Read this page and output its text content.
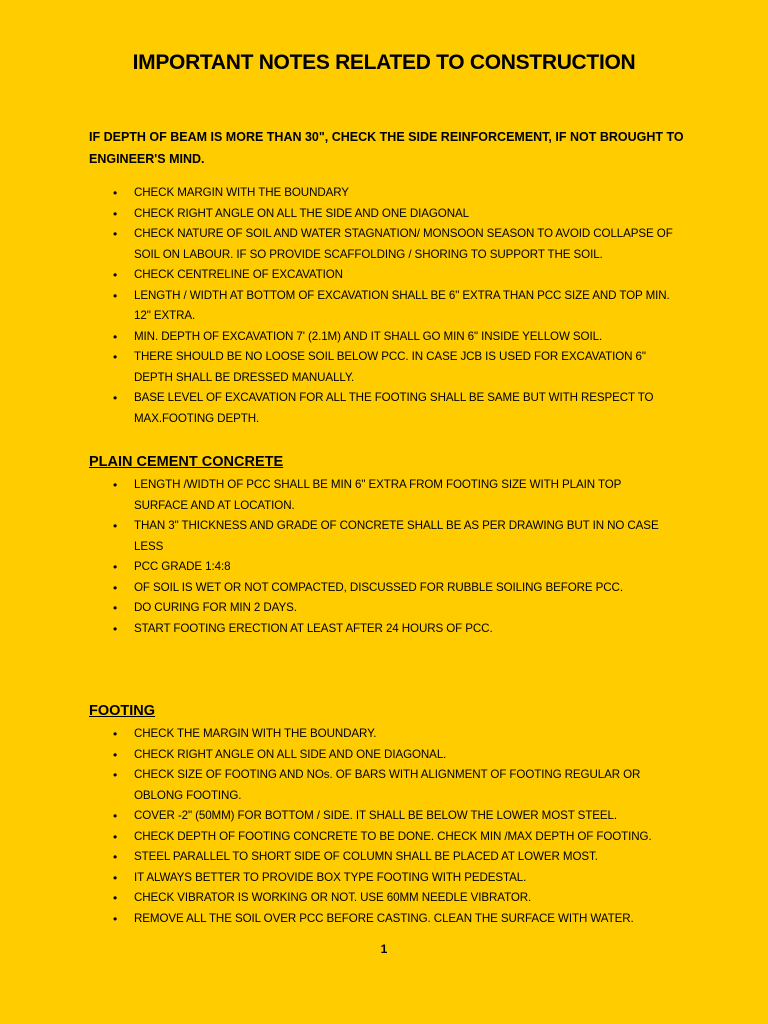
IMPORTANT NOTES RELATED TO CONSTRUCTION

IF DEPTH OF BEAM IS MORE THAN 30", CHECK THE SIDE REINFORCEMENT, IF NOT BROUGHT TO ENGINEER'S MIND.

• CHECK MARGIN WITH THE BOUNDARY
• CHECK RIGHT ANGLE ON ALL THE SIDE AND ONE DIAGONAL
• CHECK NATURE OF SOIL AND WATER STAGNATION/ MONSOON SEASON TO AVOID COLLAPSE OF SOIL ON LABOUR. IF SO PROVIDE SCAFFOLDING / SHORING TO SUPPORT THE SOIL.
• CHECK CENTRELINE OF EXCAVATION
• LENGTH / WIDTH AT BOTTOM OF EXCAVATION SHALL BE 6" EXTRA THAN PCC SIZE AND TOP MIN. 12" EXTRA.
• MIN. DEPTH OF EXCAVATION 7' (2.1M) AND IT SHALL GO MIN 6" INSIDE YELLOW SOIL.
• THERE SHOULD BE NO LOOSE SOIL BELOW PCC. IN CASE JCB IS USED FOR EXCAVATION 6" DEPTH SHALL BE DRESSED MANUALLY.
• BASE LEVEL OF EXCAVATION FOR ALL THE FOOTING SHALL BE SAME BUT WITH RESPECT TO MAX.FOOTING DEPTH.
PLAIN CEMENT CONCRETE
• LENGTH /WIDTH OF PCC SHALL BE MIN 6" EXTRA FROM FOOTING SIZE WITH PLAIN TOP SURFACE AND AT LOCATION.
• THAN 3" THICKNESS AND GRADE OF CONCRETE SHALL BE AS PER DRAWING BUT IN NO CASE LESS
• PCC GRADE 1:4:8
• OF SOIL IS WET OR NOT COMPACTED, DISCUSSED FOR RUBBLE SOILING BEFORE PCC.
• DO CURING FOR MIN 2 DAYS.
• START FOOTING ERECTION AT LEAST AFTER 24 HOURS OF PCC.
FOOTING
• CHECK THE MARGIN WITH THE BOUNDARY.
• CHECK RIGHT ANGLE ON ALL SIDE AND ONE DIAGONAL.
• CHECK SIZE OF FOOTING AND NOs. OF BARS WITH ALIGNMENT OF FOOTING REGULAR OR OBLONG FOOTING.
• COVER -2" (50MM) FOR BOTTOM / SIDE. IT SHALL BE BELOW THE LOWER MOST STEEL.
• CHECK DEPTH OF FOOTING CONCRETE TO BE DONE. CHECK MIN /MAX DEPTH OF FOOTING.
• STEEL PARALLEL TO SHORT SIDE OF COLUMN SHALL BE PLACED AT LOWER MOST.
• IT ALWAYS BETTER TO PROVIDE BOX TYPE FOOTING WITH PEDESTAL.
• CHECK VIBRATOR IS WORKING OR NOT. USE 60MM NEEDLE VIBRATOR.
• REMOVE ALL THE SOIL OVER PCC BEFORE CASTING. CLEAN THE SURFACE WITH WATER.
1
